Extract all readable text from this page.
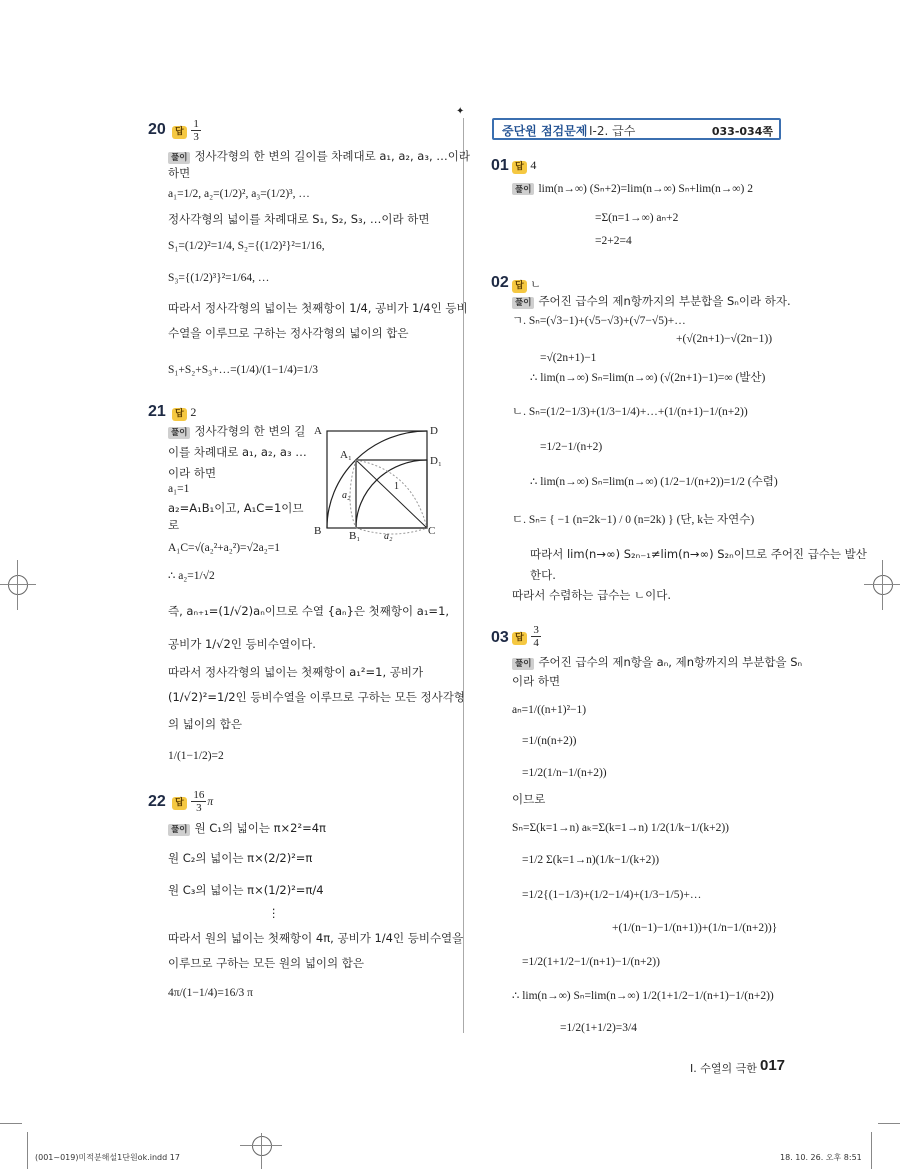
✦
20	답 $\frac{1}{3}$
풀이 정사각형의 한 변의 길이를 차례대로 a₁, a₂, a₃, …이라
하면
a₁=1/2, a₂=(1/2)², a₃=(1/2)³, …
정사각형의 넓이를 차례대로 S₁, S₂, S₃, …이라 하면
S₁=(1/2)²=1/4, S₂={(1/2)²}²=1/16,
S₃={(1/2)³}²=1/64, …
따라서 정사각형의 넓이는 첫째항이 1/4, 공비가 1/4인 등비
수열을 이루므로 구하는 정사각형의 넓이의 합은
S₁+S₂+S₃+…=(1/4)/(1−1/4)=1/3
21	답 2
풀이 정사각형의 한 변의 길
이를 차례대로 a₁, a₂, a₃ …
이라 하면
a₁=1
a₂=A₁B₁이고, A₁C=1이므
로
A₁C=√(a₂²+a₂²)=√2a₂=1
∴ a₂=1/√2
즉, aₙ₊₁=(1/√2)aₙ이므로 수열 {aₙ}은 첫째항이 a₁=1,
공비가 1/√2인 등비수열이다.
따라서 정사각형의 넓이는 첫째항이 a₁²=1, 공비가
(1/√2)²=1/2인 등비수열을 이루므로 구하는 모든 정사각형
의 넓이의 합은
1/(1−1/2)=2
A	D
A₁	D₁
B	B₁	C
a₂
1
a₂
22	답 $\frac{16}{3}$ π
풀이 원 C₁의 넓이는 π×2²=4π
원 C₂의 넓이는 π×(2/2)²=π
원 C₃의 넓이는 π×(1/2)²=π/4
⋮
따라서 원의 넓이는 첫째항이 4π, 공비가 1/4인 등비수열을
이루므로 구하는 모든 원의 넓이의 합은
4π/(1−1/4)=16/3 π
중단원 점검문제 Ⅰ-2. 급수	033-034쪽
01 답 4
풀이 lim(n→∞) (Sₙ+2)=lim(n→∞) Sₙ+lim(n→∞) 2
=Σ(n=1→∞) aₙ+2
=2+2=4
02 답 ㄴ
풀이 주어진 급수의 제n항까지의 부분합을 Sₙ이라 하자.
ㄱ. Sₙ=(√3−1)+(√5−√3)+(√7−√5)+…
+(√(2n+1)−√(2n−1))
=√(2n+1)−1
∴ lim(n→∞) Sₙ=lim(n→∞) (√(2n+1)−1)=∞ (발산)
ㄴ. Sₙ=(1/2−1/3)+(1/3−1/4)+…+(1/(n+1)−1/(n+2))
=1/2−1/(n+2)
∴ lim(n→∞) Sₙ=lim(n→∞) (1/2−1/(n+2))=1/2 (수렴)
ㄷ. Sₙ= { −1 (n=2k−1) / 0 (n=2k) } (단, k는 자연수)
따라서 lim(n→∞) S₂ₙ₋₁≠lim(n→∞) S₂ₙ이므로 주어진 급수는 발산
한다.
따라서 수렴하는 급수는 ㄴ이다.
03 답 $\frac{3}{4}$
풀이 주어진 급수의 제n항을 aₙ, 제n항까지의 부분합을 Sₙ
이라 하면
aₙ=1/((n+1)²−1)
=1/(n(n+2))
=1/2(1/n−1/(n+2))
이므로
Sₙ=Σ(k=1→n) aₖ=Σ(k=1→n) 1/2(1/k−1/(k+2))
=1/2 Σ(k=1→n)(1/k−1/(k+2))
=1/2{(1−1/3)+(1/2−1/4)+(1/3−1/5)+…
+(1/(n−1)−1/(n+1))+(1/n−1/(n+2))}
=1/2(1+1/2−1/(n+1)−1/(n+2))
∴ lim(n→∞) Sₙ=lim(n→∞) 1/2(1+1/2−1/(n+1)−1/(n+2))
=1/2(1+1/2)=3/4
Ⅰ. 수열의 극한 017
(001~019)미적분해설1단원ok.indd 17	18. 10. 26. 오후 8:51
